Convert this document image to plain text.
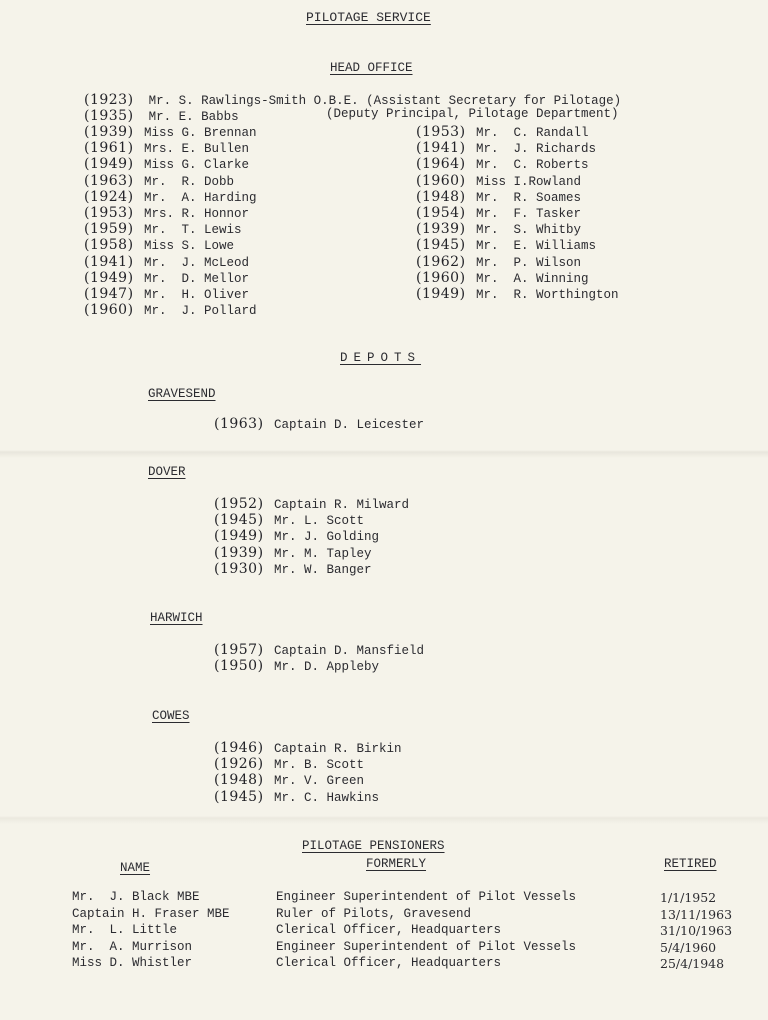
PILOTAGE SERVICE
HEAD OFFICE
(1923) Mr. S. Rawlings-Smith O.B.E. (Assistant Secretary for Pilotage)
(1935) Mr. E. Babbs	(Deputy Principal, Pilotage Department)
(1939) Miss G. Brennan
(1961) Mrs. E. Bullen
(1949) Miss G. Clarke
(1963) Mr.  R. Dobb
(1924) Mr.  A. Harding
(1953) Mrs. R. Honnor
(1959) Mr.  T. Lewis
(1958) Miss S. Lowe
(1941) Mr.  J. McLeod
(1949) Mr.  D. Mellor
(1947) Mr.  H. Oliver
(1960) Mr.  J. Pollard
(1953) Mr.  C. Randall
(1941) Mr.  J. Richards
(1964) Mr.  C. Roberts
(1960) Miss I.Rowland
(1948) Mr.  R. Soames
(1954) Mr.  F. Tasker
(1939) Mr.  S. Whitby
(1945) Mr.  E. Williams
(1962) Mr.  P. Wilson
(1960) Mr.  A. Winning
(1949) Mr.  R. Worthington
DEPOTS
GRAVESEND
(1963) Captain D. Leicester
DOVER
(1952) Captain R. Milward
(1945) Mr. L. Scott
(1949) Mr. J. Golding
(1939) Mr. M. Tapley
(1930) Mr. W. Banger
HARWICH
(1957) Captain D. Mansfield
(1950) Mr. D. Appleby
COWES
(1946) Captain R. Birkin
(1926) Mr. B. Scott
(1948) Mr. V. Green
(1945) Mr. C. Hawkins
PILOTAGE PENSIONERS
NAME	FORMERLY	RETIRED
Mr.  J. Black MBE	Engineer Superintendent of Pilot Vessels	1/1/1952
Captain H. Fraser MBE	Ruler of Pilots, Gravesend	13/11/1963
Mr.  L. Little	Clerical Officer, Headquarters	31/10/1963
Mr.  A. Murrison	Engineer Superintendent of Pilot Vessels	5/4/1960
Miss D. Whistler	Clerical Officer, Headquarters	25/4/1948
